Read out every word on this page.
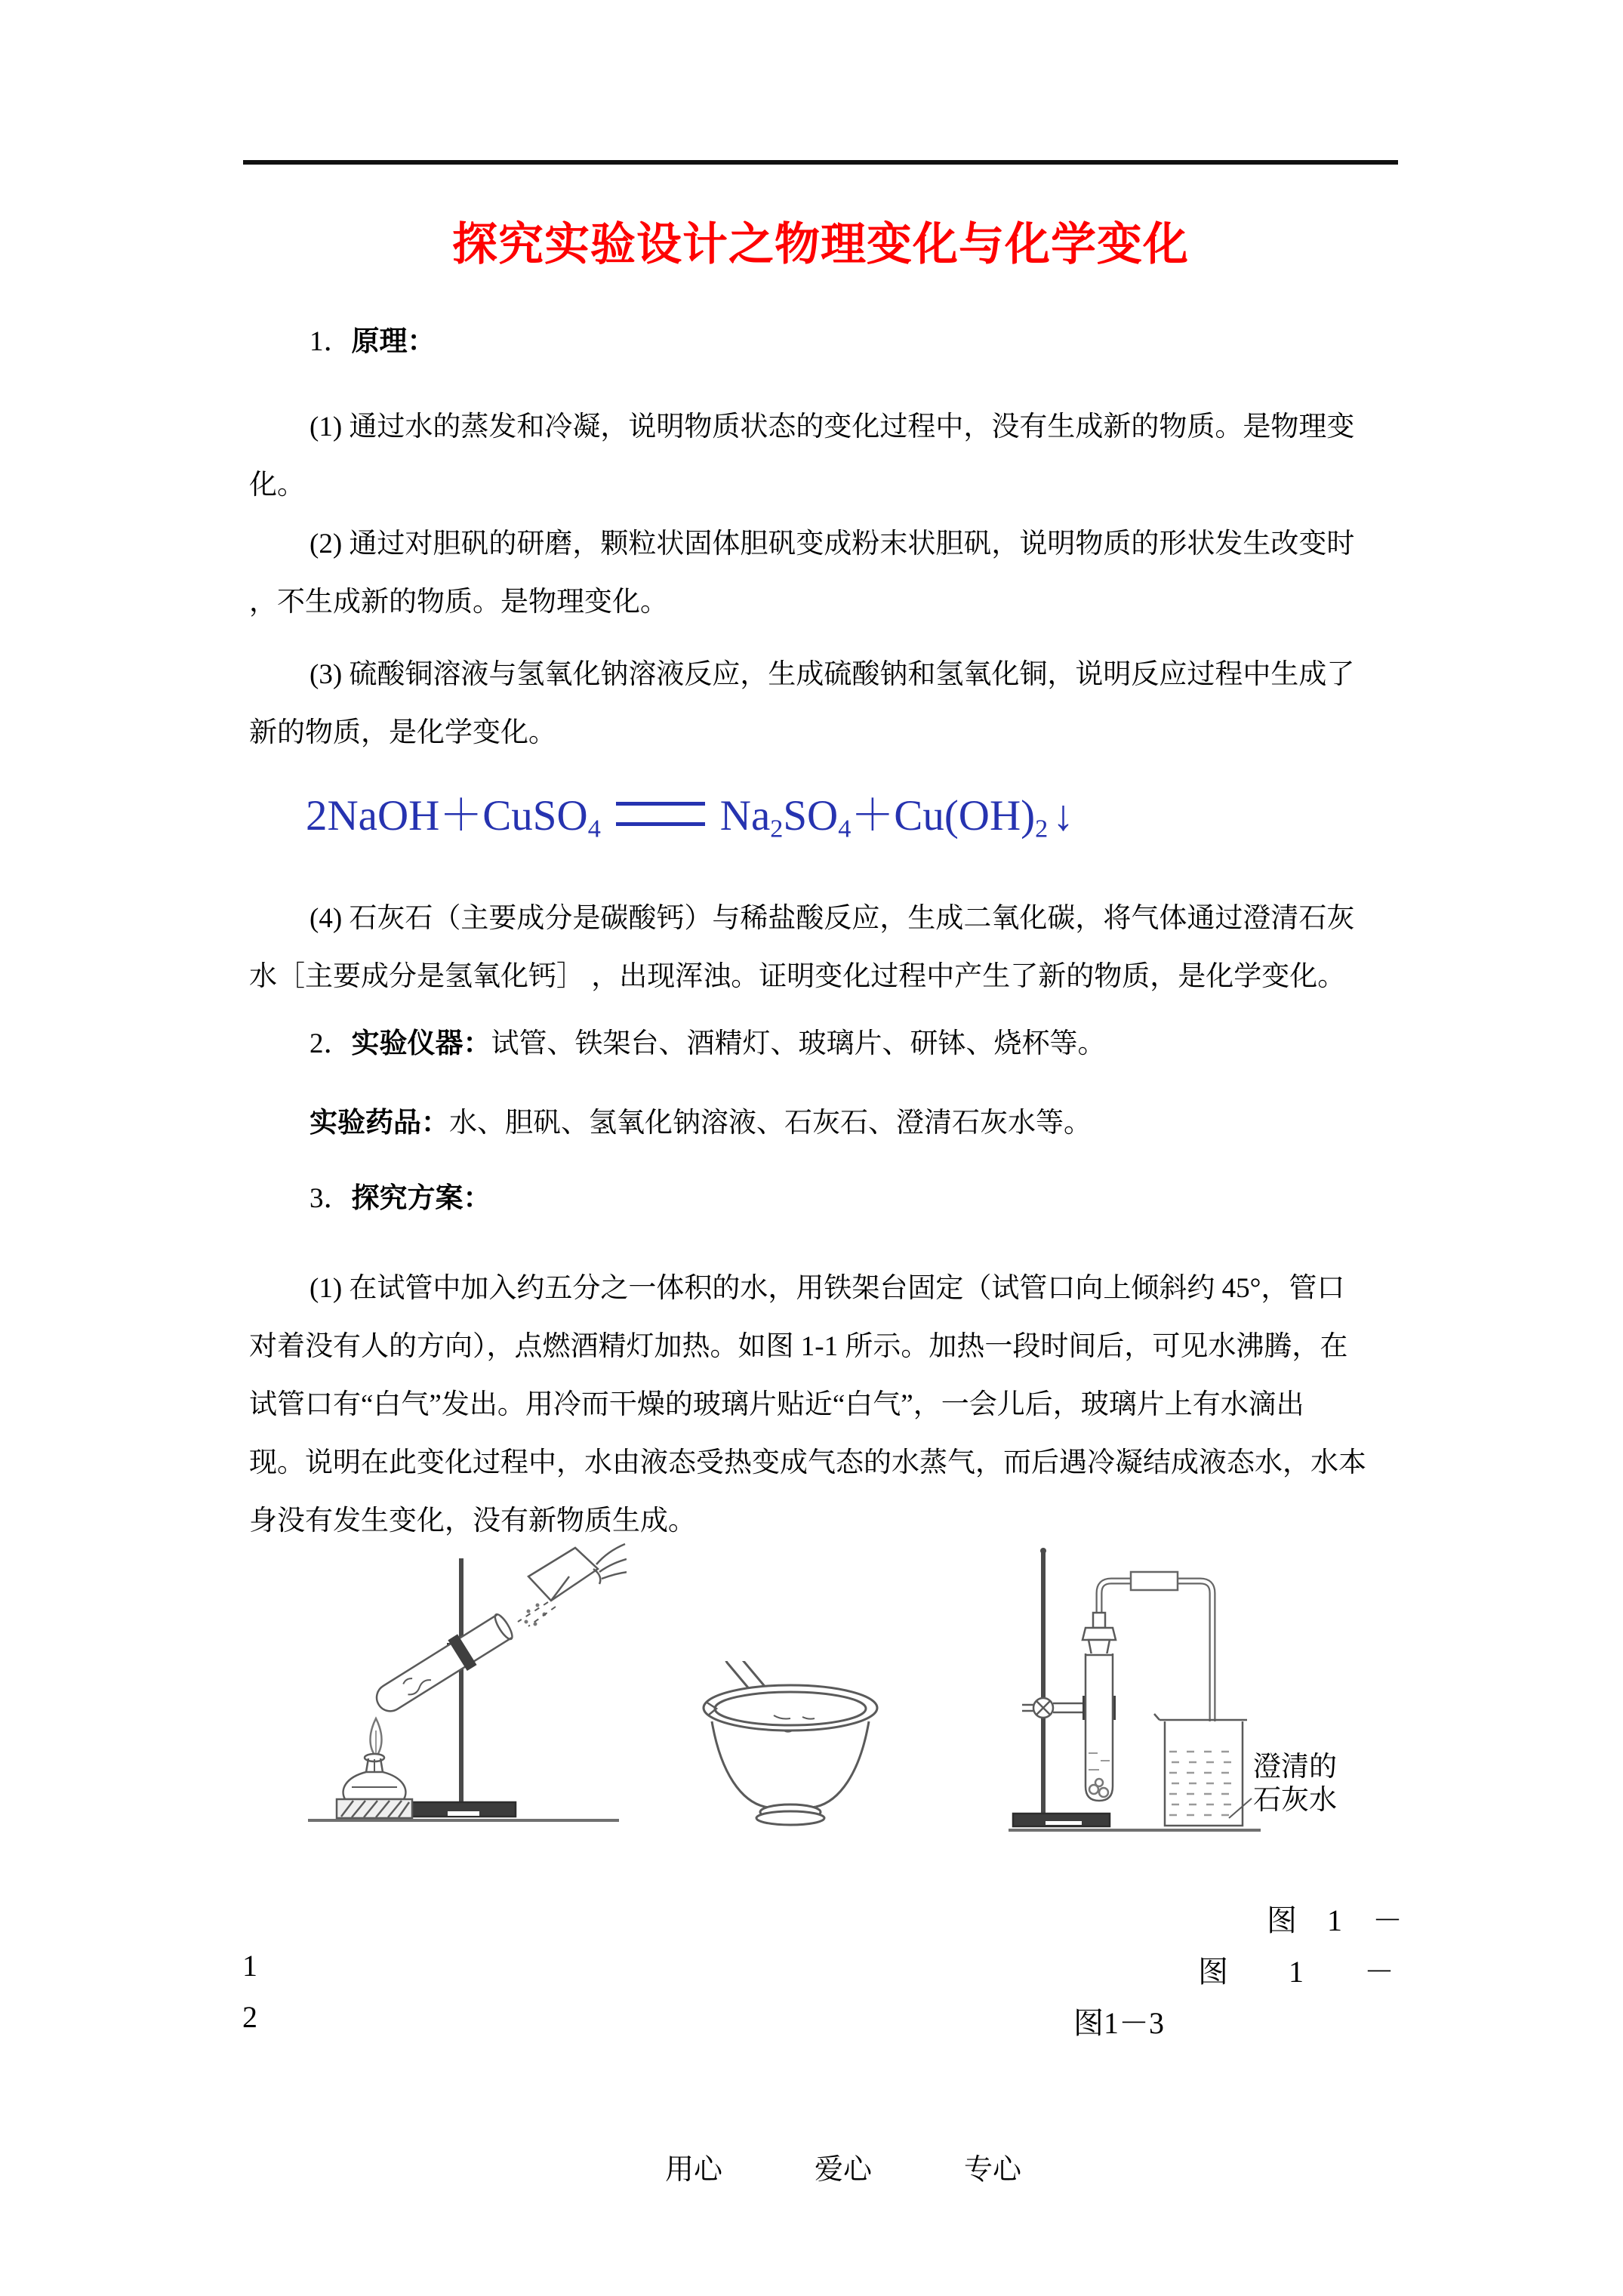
探究实验设计之物理变化与化学变化
1．原理：
(1) 通过水的蒸发和冷凝，说明物质状态的变化过程中，没有生成新的物质。是物理变
化。
(2) 通过对胆矾的研磨，颗粒状固体胆矾变成粉末状胆矾，说明物质的形状发生改变时
，不生成新的物质。是物理变化。
(3) 硫酸铜溶液与氢氧化钠溶液反应，生成硫酸钠和氢氧化铜，说明反应过程中生成了
新的物质，是化学变化。
2NaOH＋CuSO$_4$	$Na_2SO_4+Cu(OH)_2$ ↓
(4) 石灰石（主要成分是碳酸钙）与稀盐酸反应，生成二氧化碳，将气体通过澄清石灰
水［主要成分是氢氧化钙］ ，出现浑浊。证明变化过程中产生了新的物质，是化学变化。
2．实验仪器：试管、铁架台、酒精灯、玻璃片、研钵、烧杯等。
实验药品：水、胆矾、氢氧化钠溶液、石灰石、澄清石灰水等。
3．探究方案：
(1) 在试管中加入约五分之一体积的水，用铁架台固定（试管口向上倾斜约 45°，管口
对着没有人的方向），点燃酒精灯加热。如图 1-1 所示。加热一段时间后，可见水沸腾，在
试管口有“白气”发出。用冷而干燥的玻璃片贴近“白气”，一会儿后，玻璃片上有水滴出
现。说明在此变化过程中，水由液态受热变成气态的水蒸气，而后遇冷凝结成液态水，水本
身没有发生变化，没有新物质生成。
澄清的
石灰水
图　1　－
1	图　　1　　－
2	图1－3
用心	爱心	专心
